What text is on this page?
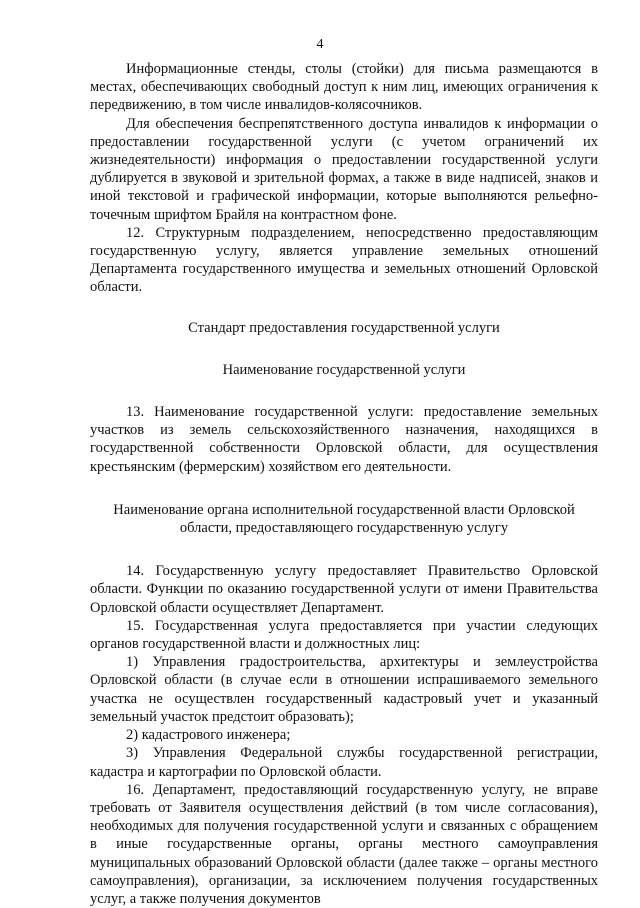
4

Информационные стенды, столы (стойки) для письма размещаются в местах, обеспечивающих свободный доступ к ним лиц, имеющих ограничения к передвижению, в том числе инвалидов-колясочников.

Для обеспечения беспрепятственного доступа инвалидов к информации о предоставлении государственной услуги (с учетом ограничений их жизнедеятельности) информация о предоставлении государственной услуги дублируется в звуковой и зрительной формах, а также в виде надписей, знаков и иной текстовой и графической информации, которые выполняются рельефно-точечным шрифтом Брайля на контрастном фоне.

12. Структурным подразделением, непосредственно предоставляющим государственную услугу, является управление земельных отношений Департамента государственного имущества и земельных отношений Орловской области.

Стандарт предоставления государственной услуги
Наименование государственной услуги

13. Наименование государственной услуги: предоставление земельных участков из земель сельскохозяйственного назначения, находящихся в государственной собственности Орловской области, для осуществления крестьянским (фермерским) хозяйством его деятельности.

Наименование органа исполнительной государственной власти Орловской
области, предоставляющего государственную услугу

14. Государственную услугу предоставляет Правительство Орловской области. Функции по оказанию государственной услуги от имени Правительства Орловской области осуществляет Департамент.

15. Государственная услуга предоставляется при участии следующих органов государственной власти и должностных лиц:

1) Управления градостроительства, архитектуры и землеустройства Орловской области (в случае если в отношении испрашиваемого земельного участка не осуществлен государственный кадастровый учет и указанный земельный участок предстоит образовать);

2) кадастрового инженера;

3) Управления Федеральной службы государственной регистрации, кадастра и картографии по Орловской области.

16. Департамент, предоставляющий государственную услугу, не вправе требовать от Заявителя осуществления действий (в том числе согласования), необходимых для получения государственной услуги и связанных с обращением в иные государственные органы, органы местного самоуправления муниципальных образований Орловской области (далее также – органы местного самоуправления), организации, за исключением получения государственных услуг, а также получения документов
